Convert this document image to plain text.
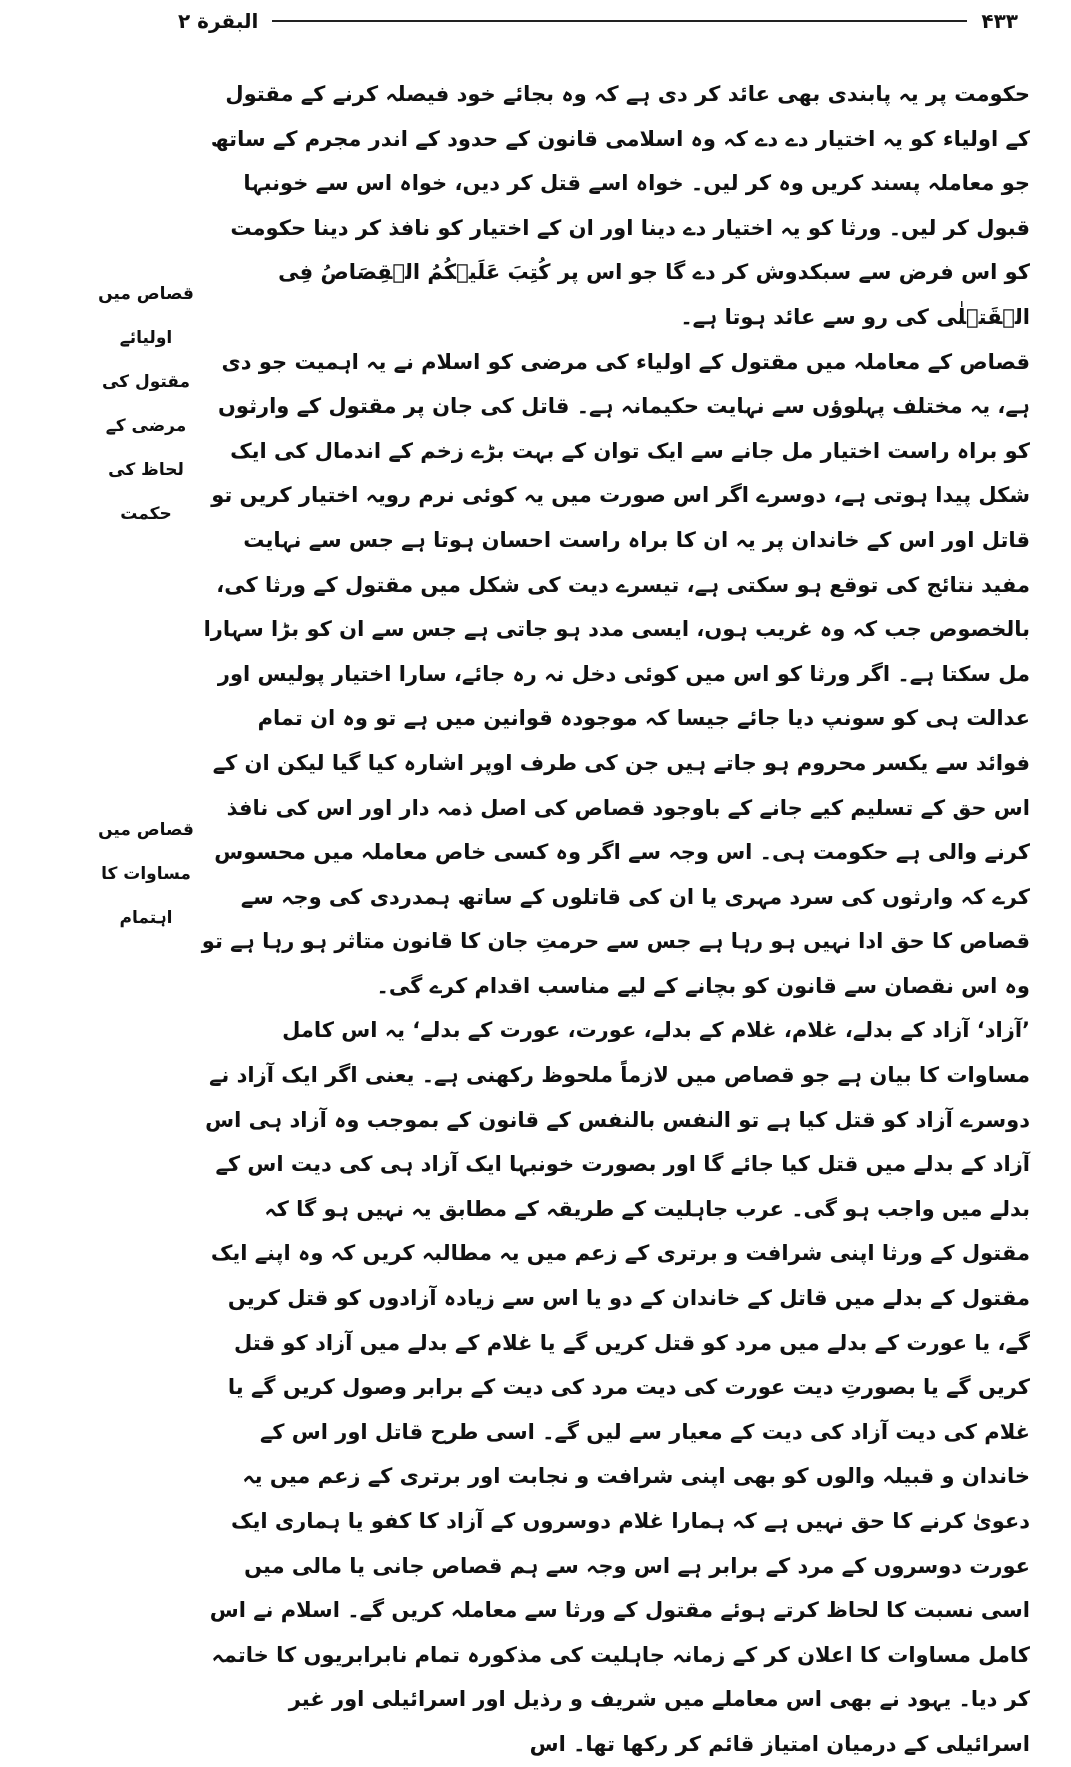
۴۳۳
البقرة ۲

حکومت پر یہ پابندی بھی عائد کر دی ہے کہ وہ بجائے خود فیصلہ کرنے کے مقتول کے اولیاء کو یہ اختیار دے دے کہ وہ اسلامی قانون کے حدود کے اندر مجرم کے ساتھ جو معاملہ پسند کریں وہ کر لیں۔ خواہ اسے قتل کر دیں، خواہ اس سے خونبہا قبول کر لیں۔ ورثا کو یہ اختیار دے دینا اور ان کے اختیار کو نافذ کر دینا حکومت کو اس فرض سے سبکدوش کر دے گا جو اس پر کُتِبَ عَلَیۡکُمُ الۡقِصَاصُ فِی الۡقَتۡلٰی کی رو سے عائد ہوتا ہے۔

قصاص کے معاملہ میں مقتول کے اولیاء کی مرضی کو اسلام نے یہ اہمیت جو دی ہے، یہ مختلف پہلوؤں سے نہایت حکیمانہ ہے۔ قاتل کی جان پر مقتول کے وارثوں کو براہ راست اختیار مل جانے سے ایک توان کے بہت بڑے زخم کے اندمال کی ایک شکل پیدا ہوتی ہے، دوسرے اگر اس صورت میں یہ کوئی نرم رویہ اختیار کریں تو قاتل اور اس کے خاندان پر یہ ان کا براہ راست احسان ہوتا ہے جس سے نہایت مفید نتائج کی توقع ہو سکتی ہے، تیسرے دیت کی شکل میں مقتول کے ورثا کی، بالخصوص جب کہ وہ غریب ہوں، ایسی مدد ہو جاتی ہے جس سے ان کو بڑا سہارا مل سکتا ہے۔ اگر ورثا کو اس میں کوئی دخل نہ رہ جائے، سارا اختیار پولیس اور عدالت ہی کو سونپ دیا جائے جیسا کہ موجودہ قوانین میں ہے تو وہ ان تمام فوائد سے یکسر محروم ہو جاتے ہیں جن کی طرف اوپر اشارہ کیا گیا لیکن ان کے اس حق کے تسلیم کیے جانے کے باوجود قصاص کی اصل ذمہ دار اور اس کی نافذ کرنے والی ہے حکومت ہی۔ اس وجہ سے اگر وہ کسی خاص معاملہ میں محسوس کرے کہ وارثوں کی سرد مہری یا ان کی قاتلوں کے ساتھ ہمدردی کی وجہ سے قصاص کا حق ادا نہیں ہو رہا ہے جس سے حرمتِ جان کا قانون متاثر ہو رہا ہے تو وہ اس نقصان سے قانون کو بچانے کے لیے مناسب اقدام کرے گی۔

’آزاد‘ آزاد کے بدلے، غلام، غلام کے بدلے، عورت، عورت کے بدلے‘ یہ اس کامل مساوات کا بیان ہے جو قصاص میں لازماً ملحوظ رکھنی ہے۔ یعنی اگر ایک آزاد نے دوسرے آزاد کو قتل کیا ہے تو النفس بالنفس کے قانون کے بموجب وہ آزاد ہی اس آزاد کے بدلے میں قتل کیا جائے گا اور بصورت خونبہا ایک آزاد ہی کی دیت اس کے بدلے میں واجب ہو گی۔ عرب جاہلیت کے طریقہ کے مطابق یہ نہیں ہو گا کہ مقتول کے ورثا اپنی شرافت و برتری کے زعم میں یہ مطالبہ کریں کہ وہ اپنے ایک مقتول کے بدلے میں قاتل کے خاندان کے دو یا اس سے زیادہ آزادوں کو قتل کریں گے، یا عورت کے بدلے میں مرد کو قتل کریں گے یا غلام کے بدلے میں آزاد کو قتل کریں گے یا بصورتِ دیت عورت کی دیت مرد کی دیت کے برابر وصول کریں گے یا غلام کی دیت آزاد کی دیت کے معیار سے لیں گے۔ اسی طرح قاتل اور اس کے خاندان و قبیلہ والوں کو بھی اپنی شرافت و نجابت اور برتری کے زعم میں یہ دعویٰ کرنے کا حق نہیں ہے کہ ہمارا غلام دوسروں کے آزاد کا کفو یا ہماری ایک عورت دوسروں کے مرد کے برابر ہے اس وجہ سے ہم قصاص جانی یا مالی میں اسی نسبت کا لحاظ کرتے ہوئے مقتول کے ورثا سے معاملہ کریں گے۔ اسلام نے اس کامل مساوات کا اعلان کر کے زمانہ جاہلیت کی مذکورہ تمام نابرابریوں کا خاتمہ کر دیا۔ یہود نے بھی اس معاملے میں شریف و رذیل اور اسرائیلی اور غیر اسرائیلی کے درمیان امتیاز قائم کر رکھا تھا۔ اس

قصاص میں اولیائے مقتول کی مرضی کے لحاظ کی حکمت
قصاص میں مساوات کا اہتمام
